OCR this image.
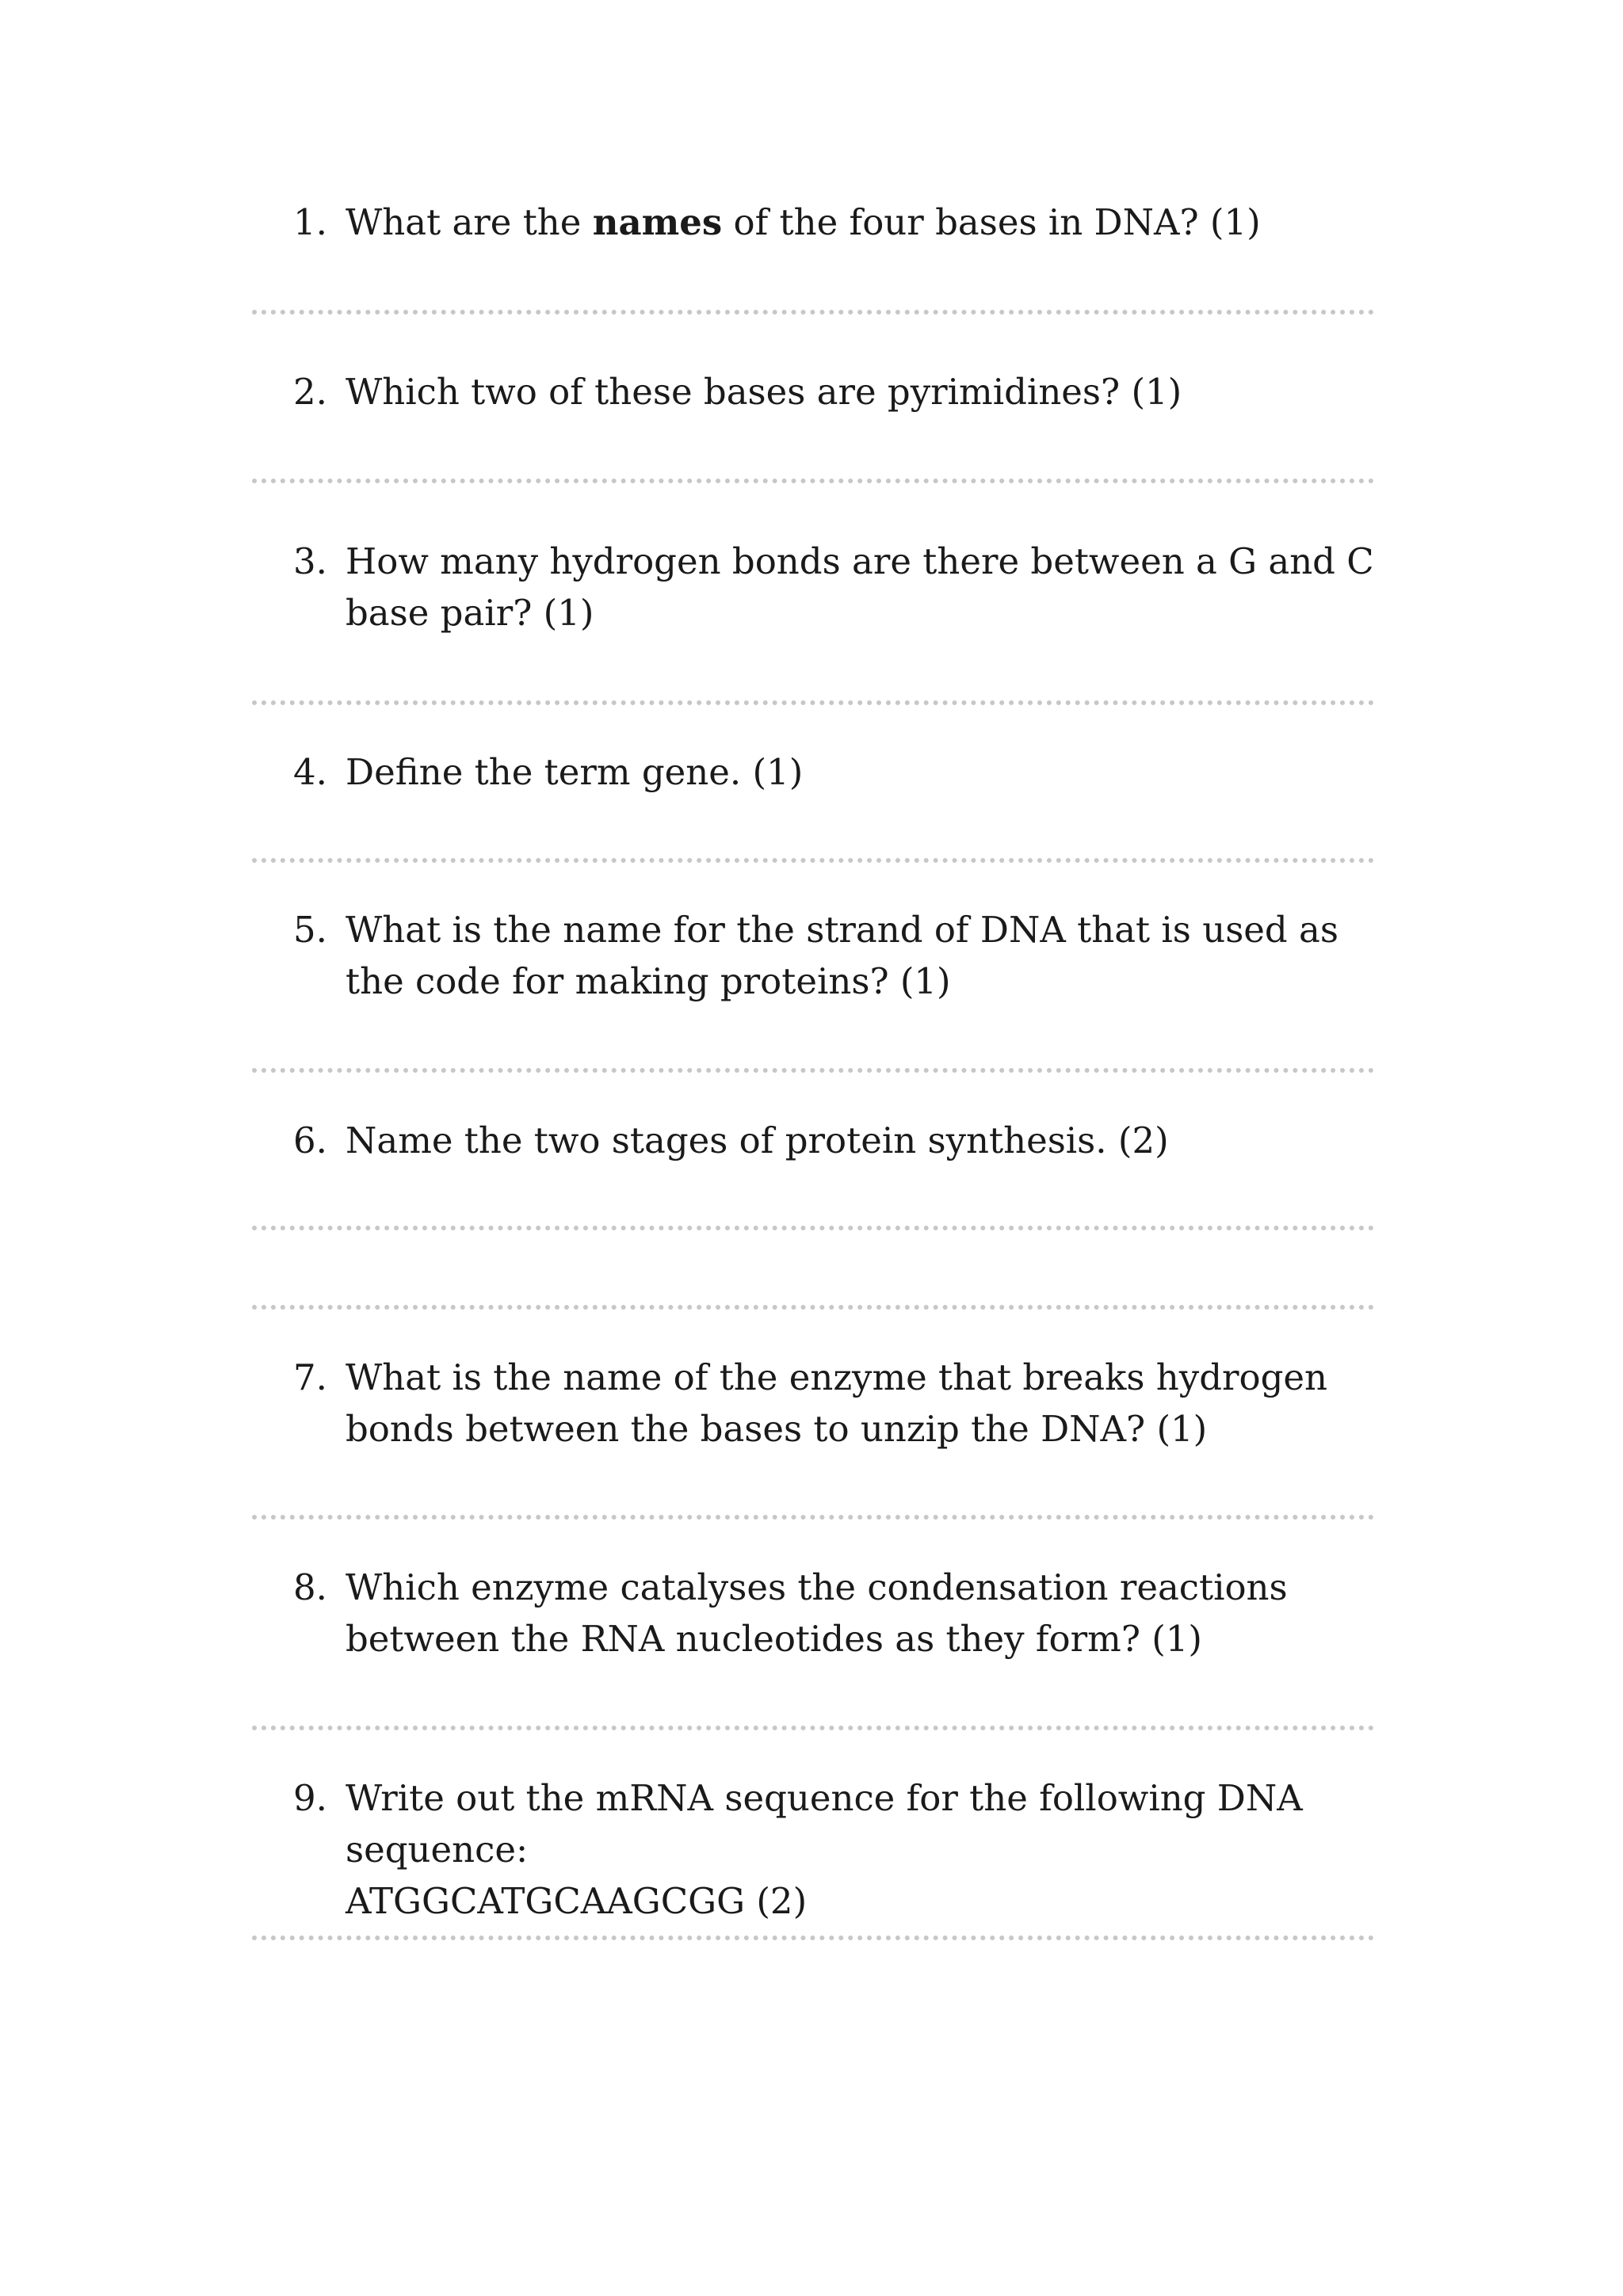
1. What are the names of the four bases in DNA? (1)
2. Which two of these bases are pyrimidines? (1)
3. How many hydrogen bonds are there between a G and C base pair? (1)
4. Define the term gene. (1)
5. What is the name for the strand of DNA that is used as the code for making proteins? (1)
6. Name the two stages of protein synthesis. (2)
7. What is the name of the enzyme that breaks hydrogen bonds between the bases to unzip the DNA? (1)
8. Which enzyme catalyses the condensation reactions between the RNA nucleotides as they form? (1)
9. Write out the mRNA sequence for the following DNA sequence:
ATGGCATGCAAGCGG (2)
